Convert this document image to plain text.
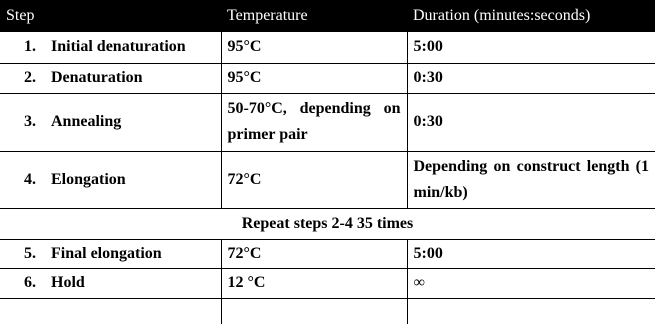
Step	Temperature	Duration (minutes:seconds)
1. Initial denaturation	95°C	5:00
2. Denaturation	95°C	0:30
3. Annealing	50-70°C, depending on primer pair	0:30
4. Elongation	72°C	Depending on construct length (1 min/kb)
Repeat steps 2-4 35 times		
5. Final elongation	72°C	5:00
6. Hold	12 °C	∞
